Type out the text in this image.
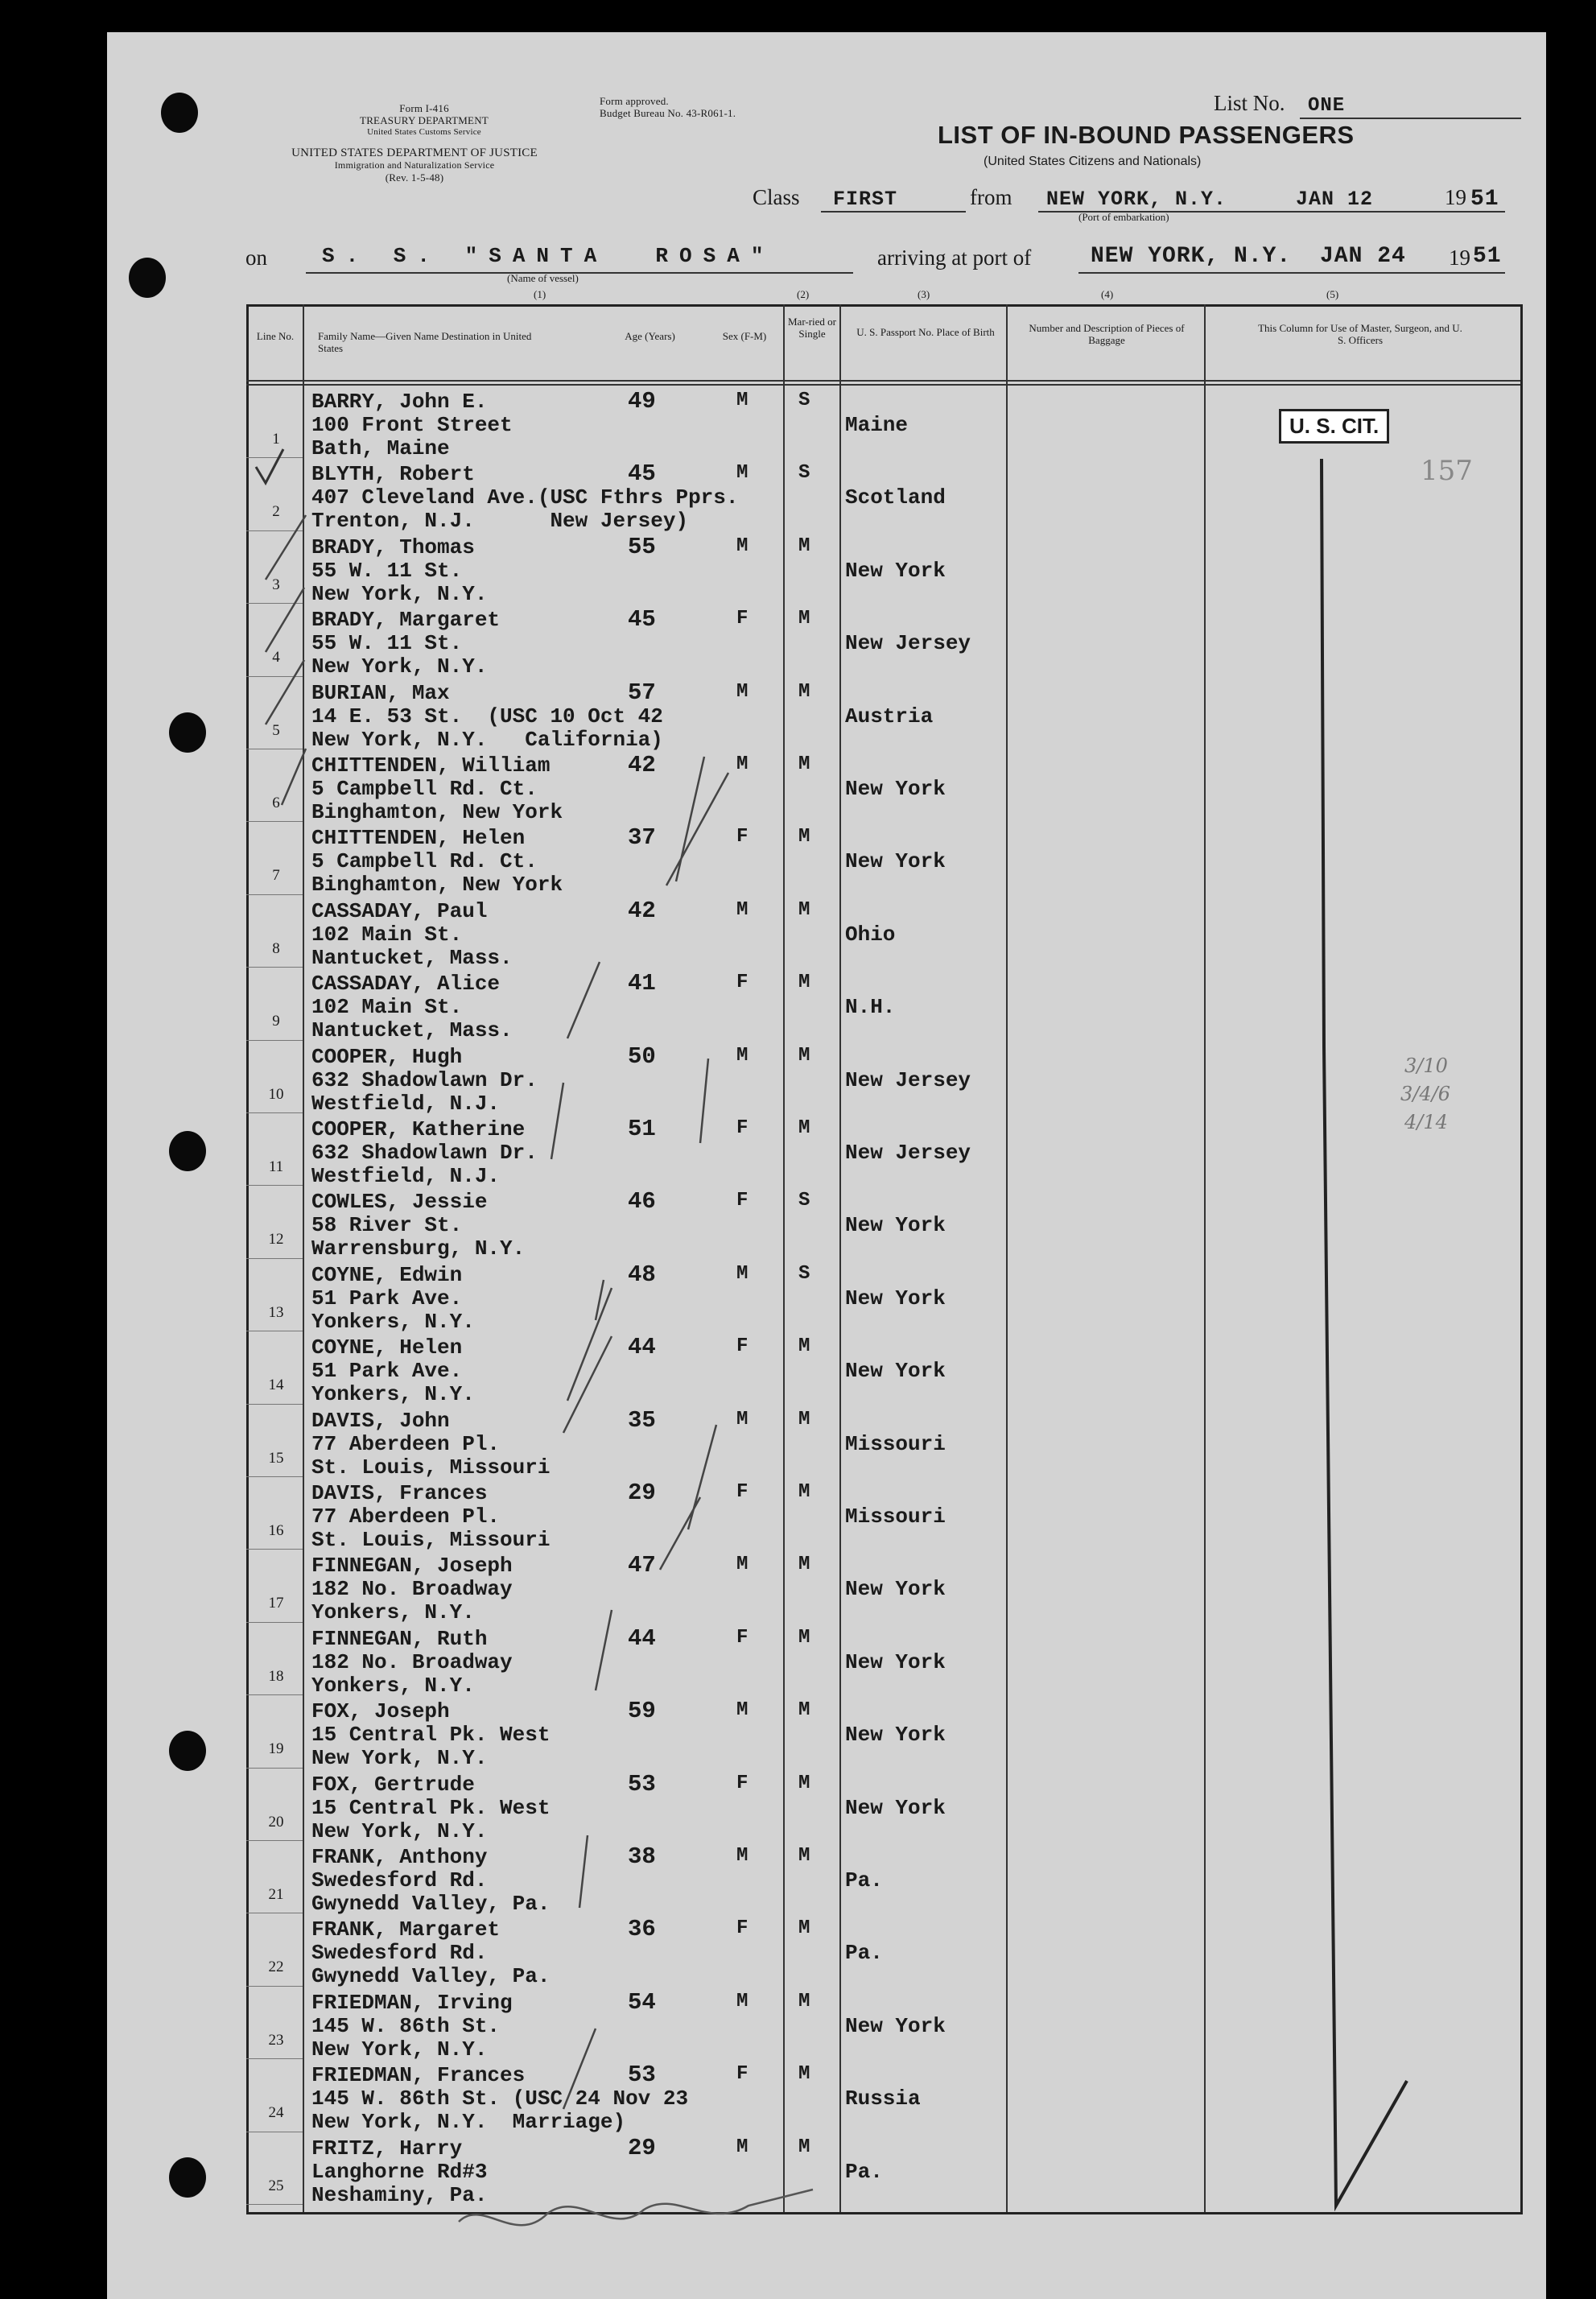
Form I-416
TREASURY DEPARTMENT
United States Customs Service
Form approved.
Budget Bureau No. 43-R061-1.
UNITED STATES DEPARTMENT OF JUSTICE
Immigration and Naturalization Service
(Rev. 1-5-48)
List No. ONE
LIST OF IN-BOUND PASSENGERS
(United States Citizens and Nationals)
Class FIRST	from NEW YORK, N.Y.	JAN 12	19 51
(Port of embarkation)
on	S. S. "SANTA  ROSA"
(Name of vessel)
arriving at port of	NEW YORK, N.Y. JAN 24 19 51
(1)	(2)	(3)	(4)	(5)
Line No.	Family Name—Given Name Destination in United States
Age (Years)	Sex (F-M)
Mar-ried or Single	U. S. Passport No. Place of Birth	Number and Description of Pieces of Baggage
This Column for Use of Master, Surgeon, and U. S. Officers
1
BARRY, John E.
100 Front Street
Bath, Maine
49	M	S
Maine
2
BLYTH, Robert
407 Cleveland Ave.(USC Fthrs Pprs.
Trenton, N.J.      New Jersey)
45	M	S
Scotland
3
BRADY, Thomas
55 W. 11 St.
New York, N.Y.
55	M	M
New York
4
BRADY, Margaret
55 W. 11 St.
New York, N.Y.
45	F	M
New Jersey
5
BURIAN, Max
14 E. 53 St.  (USC 10 Oct 42
New York, N.Y.   California)
57	M	M
Austria
6
CHITTENDEN, William
5 Campbell Rd. Ct.
Binghamton, New York
42	M	M
New York
7
CHITTENDEN, Helen
5 Campbell Rd. Ct.
Binghamton, New York
37	F	M
New York
8
CASSADAY, Paul
102 Main St.
Nantucket, Mass.
42	M	M
Ohio
9
CASSADAY, Alice
102 Main St.
Nantucket, Mass.
41	F	M
N.H.
10
COOPER, Hugh
632 Shadowlawn Dr.
Westfield, N.J.
50	M	M
New Jersey
11
COOPER, Katherine
632 Shadowlawn Dr.
Westfield, N.J.
51	F	M
New Jersey
12
COWLES, Jessie
58 River St.
Warrensburg, N.Y.
46	F	S
New York
13
COYNE, Edwin
51 Park Ave.
Yonkers, N.Y.
48	M	S
New York
14
COYNE, Helen
51 Park Ave.
Yonkers, N.Y.
44	F	M
New York
15
DAVIS, John
77 Aberdeen Pl.
St. Louis, Missouri
35	M	M
Missouri
16
DAVIS, Frances
77 Aberdeen Pl.
St. Louis, Missouri
29	F	M
Missouri
17
FINNEGAN, Joseph
182 No. Broadway
Yonkers, N.Y.
47	M	M
New York
18
FINNEGAN, Ruth
182 No. Broadway
Yonkers, N.Y.
44	F	M
New York
19
FOX, Joseph
15 Central Pk. West
New York, N.Y.
59	M	M
New York
20
FOX, Gertrude
15 Central Pk. West
New York, N.Y.
53	F	M
New York
21
FRANK, Anthony
Swedesford Rd.
Gwynedd Valley, Pa.
38	M	M
Pa.
22
FRANK, Margaret
Swedesford Rd.
Gwynedd Valley, Pa.
36	F	M
Pa.
23
FRIEDMAN, Irving
145 W. 86th St.
New York, N.Y.
54	M	M
New York
24
FRIEDMAN, Frances
145 W. 86th St. (USC 24 Nov 23
New York, N.Y.  Marriage)
53	F	M
Russia
25
FRITZ, Harry
Langhorne Rd#3
Neshaminy, Pa.
29	M	M
Pa.
U. S. CIT.
157
3/10
3/4/6
4/14
